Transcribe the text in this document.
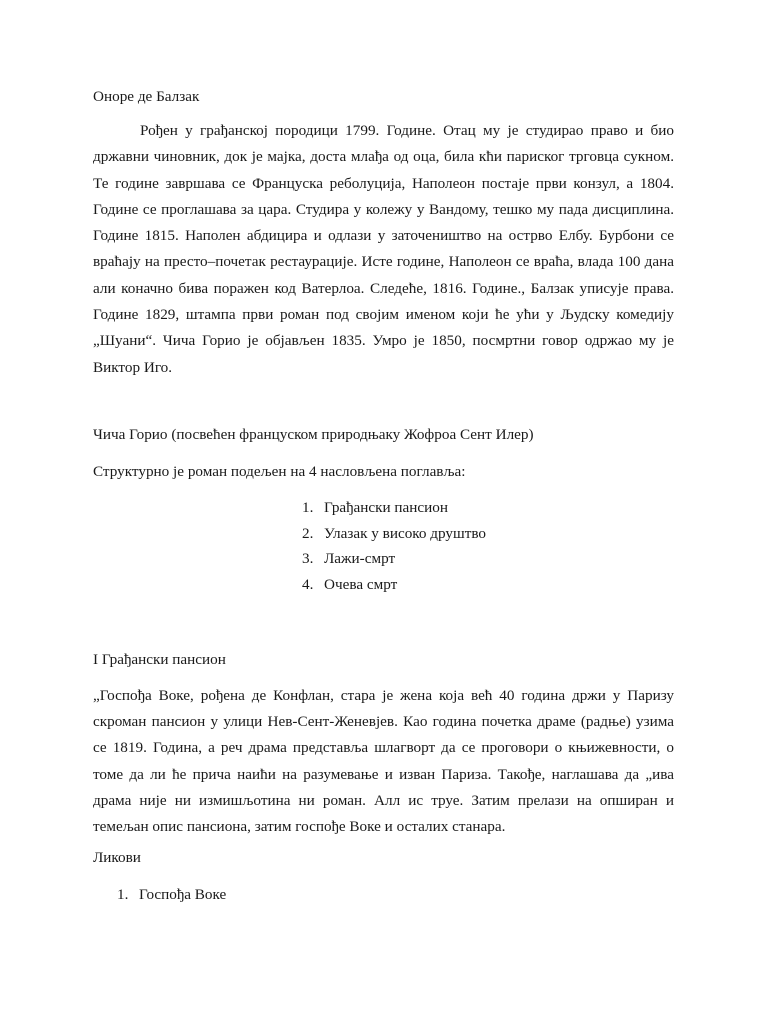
Оноре де Балзак

Рођен у грађанској породици 1799. Године. Отац му је студирао право и био државни чиновник, док је мајка, доста млађа од оца, била кћи париског трговца сукном. Те године завршава се Француска реболуција, Наполеон постаје први конзул, а 1804. Године се проглашава за цара. Студира у колежу у Вандому, тешко му пада дисциплина. Године 1815. Наполен абдицира и одлази у заточеништво на острво Елбу. Бурбони се враћају на престо–почетак рестаурације. Исте године, Наполеон се враћа, влада 100 дана али коначно бива поражен код Ватерлоа. Следеће, 1816. Године., Балзак уписује права. Године 1829, штампа први роман под својим именом који ће ући у Људску комедију „Шуани“. Чича Горио је објављен 1835. Умро је 1850, посмртни говор одржао му је Виктор Иго.

Чича Горио (посвећен француском природњаку Жофроа Сент Илер)

Структурно је роман подељен на 4 насловљена поглавља:

1. Грађански пансион
2. Улазак у високо друштво
3. Лажи-смрт
4. Очева смрт

I Грађански пансион

„Госпођа Воке, рођена де Конфлан, стара је жена која већ 40 година држи у Паризу скроман пансион у улици Нев-Сент-Женевјев. Као година почетка драме (радње) узима се 1819. Година, а реч драма представља шлагворт да се проговори о књижевности, о томе да ли ће прича наићи на разумевање и изван Париза. Такође, наглашава да „ива драма није ни измишљотина ни роман. Алл ис труе. Затим прелази на опширан и темељан опис пансиона, затим госпође Воке и осталих станара.

Ликови

1. Госпођа Воке
